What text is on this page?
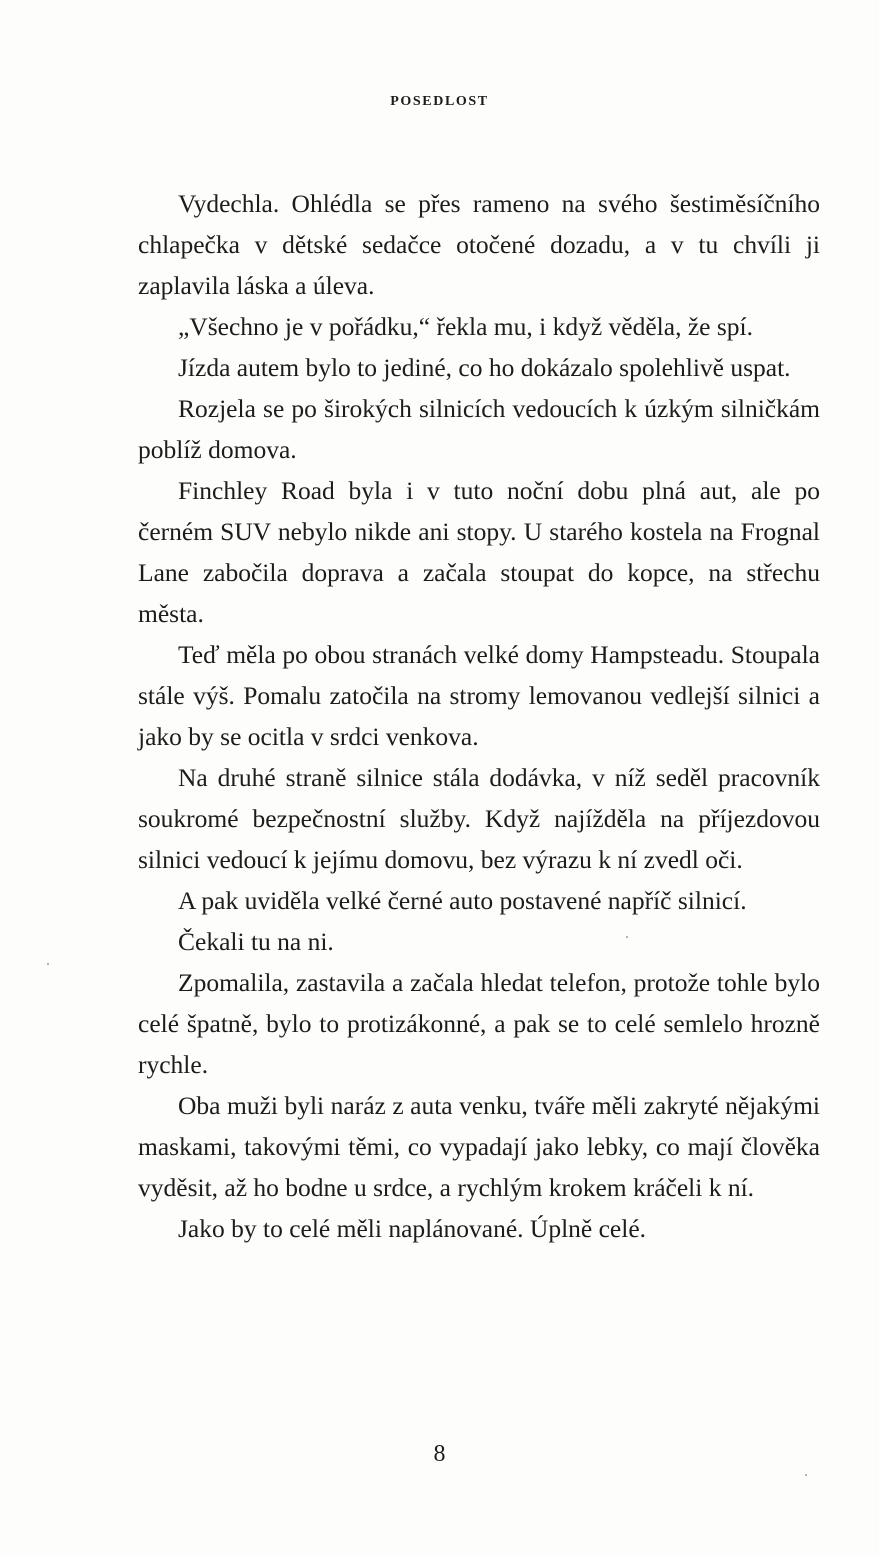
POSEDLOST

Vydechla. Ohlédla se přes rameno na svého šestiměsíčního chlapečka v dětské sedačce otočené dozadu, a v tu chvíli ji zaplavila láska a úleva.

„Všechno je v pořádku,“ řekla mu, i když věděla, že spí.

Jízda autem bylo to jediné, co ho dokázalo spolehlivě uspat.

Rozjela se po širokých silnicích vedoucích k úzkým silničkám poblíž domova.

Finchley Road byla i v tuto noční dobu plná aut, ale po černém SUV nebylo nikde ani stopy. U starého kostela na Frognal Lane zabočila doprava a začala stoupat do kopce, na střechu města.

Teď měla po obou stranách velké domy Hampsteadu. Stoupala stále výš. Pomalu zatočila na stromy lemovanou vedlejší silnici a jako by se ocitla v srdci venkova.

Na druhé straně silnice stála dodávka, v níž seděl pracovník soukromé bezpečnostní služby. Když najížděla na příjezdovou silnici vedoucí k jejímu domovu, bez výrazu k ní zvedl oči.

A pak uviděla velké černé auto postavené napříč silnicí.

Čekali tu na ni.

Zpomalila, zastavila a začala hledat telefon, protože tohle bylo celé špatně, bylo to protizákonné, a pak se to celé semlelo hrozně rychle.

Oba muži byli naráz z auta venku, tváře měli zakryté nějakými maskami, takovými těmi, co vypadají jako lebky, co mají člověka vyděsit, až ho bodne u srdce, a rychlým krokem kráčeli k ní.

Jako by to celé měli naplánované. Úplně celé.

8
